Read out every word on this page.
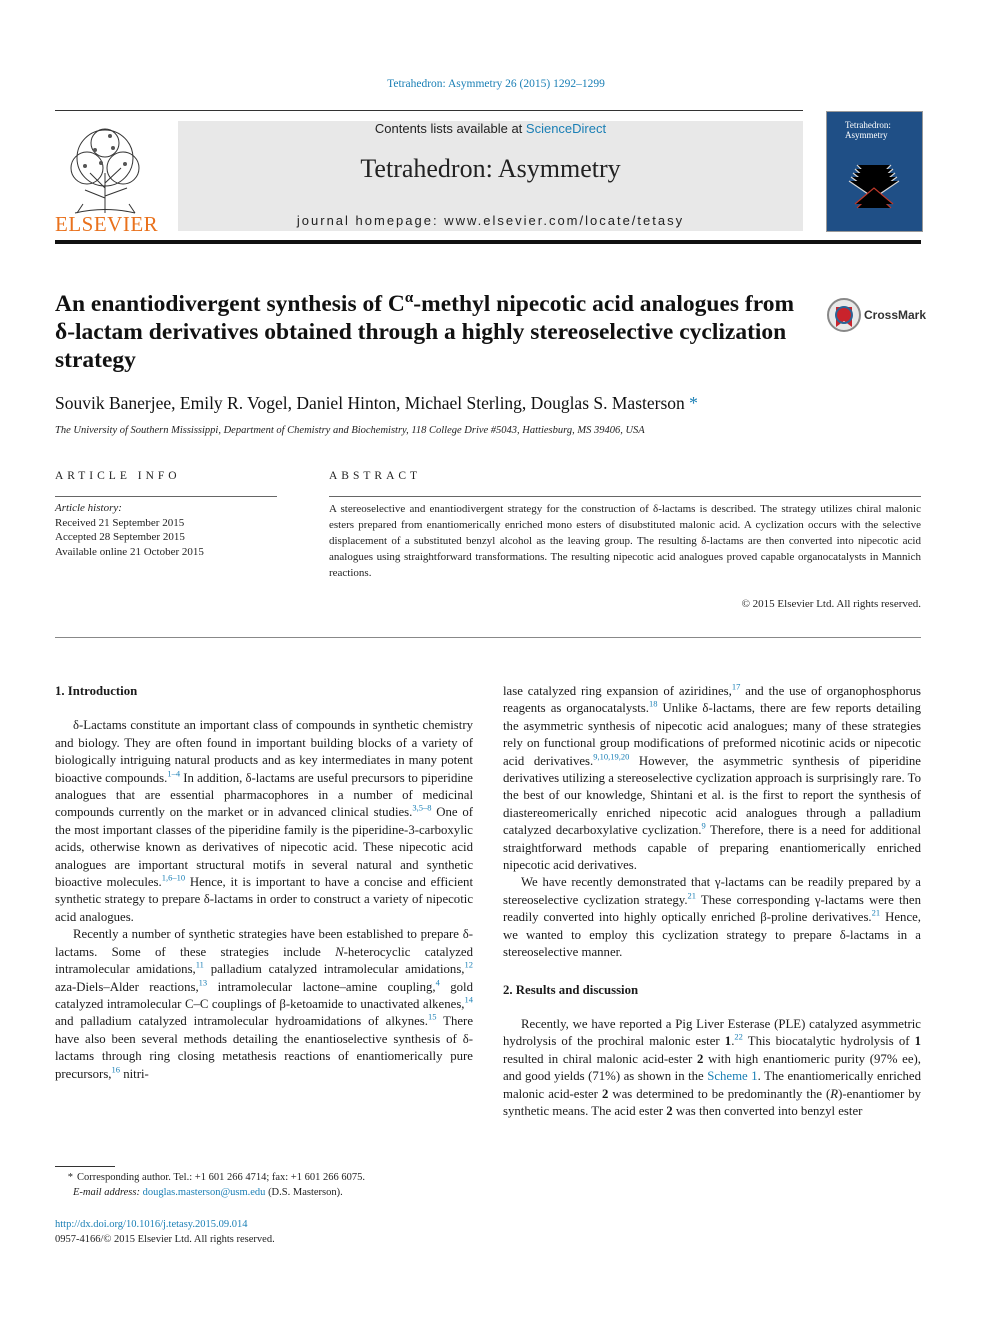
Tetrahedron: Asymmetry 26 (2015) 1292–1299
ELSEVIER
Contents lists available at ScienceDirect
Tetrahedron: Asymmetry
journal homepage: www.elsevier.com/locate/tetasy
Tetrahedron: Asymmetry
An enantiodivergent synthesis of $C^\alpha$-methyl nipecotic acid analogues from δ-lactam derivatives obtained through a highly stereoselective cyclization strategy
CrossMark
Souvik Banerjee, Emily R. Vogel, Daniel Hinton, Michael Sterling, Douglas S. Masterson *
The University of Southern Mississippi, Department of Chemistry and Biochemistry, 118 College Drive #5043, Hattiesburg, MS 39406, USA
ARTICLE INFO
Article history:
Received 21 September 2015
Accepted 28 September 2015
Available online 21 October 2015
ABSTRACT
A stereoselective and enantiodivergent strategy for the construction of δ-lactams is described. The strategy utilizes chiral malonic esters prepared from enantiomerically enriched mono esters of disubstituted malonic acid. A cyclization occurs with the selective displacement of a substituted benzyl alcohol as the leaving group. The resulting δ-lactams are then converted into nipecotic acid analogues using straightforward transformations. The resulting nipecotic acid analogues proved capable organocatalysts in Mannich reactions.
© 2015 Elsevier Ltd. All rights reserved.
1. Introduction

δ-Lactams constitute an important class of compounds in synthetic chemistry and biology. They are often found in important building blocks of a variety of biologically intriguing natural products and as key intermediates in many potent bioactive compounds.$^{1-4}$ In addition, δ-lactams are useful precursors to piperidine analogues that are essential pharmacophores in a number of medicinal compounds currently on the market or in advanced clinical studies.$^{3,5-8}$ One of the most important classes of the piperidine family is the piperidine-3-carboxylic acids, otherwise known as derivatives of nipecotic acid. These nipecotic acid analogues are important structural motifs in several natural and synthetic bioactive molecules.$^{1,6-10}$ Hence, it is important to have a concise and efficient synthetic strategy to prepare δ-lactams in order to construct a variety of nipecotic acid analogues.

Recently a number of synthetic strategies have been established to prepare δ-lactams. Some of these strategies include N-heterocyclic catalyzed intramolecular amidations,$^{11}$ palladium catalyzed intramolecular amidations,$^{12}$ aza-Diels–Alder reactions,$^{13}$ intramolecular lactone–amine coupling,$^4$ gold catalyzed intramolecular C–C couplings of β-ketoamide to unactivated alkenes,$^{14}$ and palladium catalyzed intramolecular hydroamidations of alkynes.$^{15}$ There have also been several methods detailing the enantioselective synthesis of δ-lactams through ring closing metathesis reactions of enantiomerically pure precursors,$^{16}$ nitri-

lase catalyzed ring expansion of aziridines,$^{17}$ and the use of organophosphorus reagents as organocatalysts.$^{18}$ Unlike δ-lactams, there are few reports detailing the asymmetric synthesis of nipecotic acid analogues; many of these strategies rely on functional group modifications of preformed nicotinic acids or nipecotic acid derivatives.$^{9,10,19,20}$ However, the asymmetric synthesis of piperidine derivatives utilizing a stereoselective cyclization approach is surprisingly rare. To the best of our knowledge, Shintani et al. is the first to report the synthesis of diastereomerically enriched nipecotic acid analogues through a palladium catalyzed decarboxylative cyclization.$^9$ Therefore, there is a need for additional straightforward methods capable of preparing enantiomerically enriched nipecotic acid derivatives.

We have recently demonstrated that γ-lactams can be readily prepared by a stereoselective cyclization strategy.$^{21}$ These corresponding γ-lactams were then readily converted into highly optically enriched β-proline derivatives.$^{21}$ Hence, we wanted to employ this cyclization strategy to prepare δ-lactams in a stereoselective manner.

2. Results and discussion

Recently, we have reported a Pig Liver Esterase (PLE) catalyzed asymmetric hydrolysis of the prochiral malonic ester 1.22 This biocatalytic hydrolysis of 1 resulted in chiral malonic acid-ester 2 with high enantiomeric purity (97% ee), and good yields (71%) as shown in the Scheme 1. The enantiomerically enriched malonic acid-ester 2 was determined to be predominantly the (R)-enantiomer by synthetic means. The acid ester 2 was then converted into benzyl ester

* Corresponding author. Tel.: +1 601 266 4714; fax: +1 601 266 6075.
E-mail address: douglas.masterson@usm.edu (D.S. Masterson).
http://dx.doi.org/10.1016/j.tetasy.2015.09.014
0957-4166/© 2015 Elsevier Ltd. All rights reserved.
